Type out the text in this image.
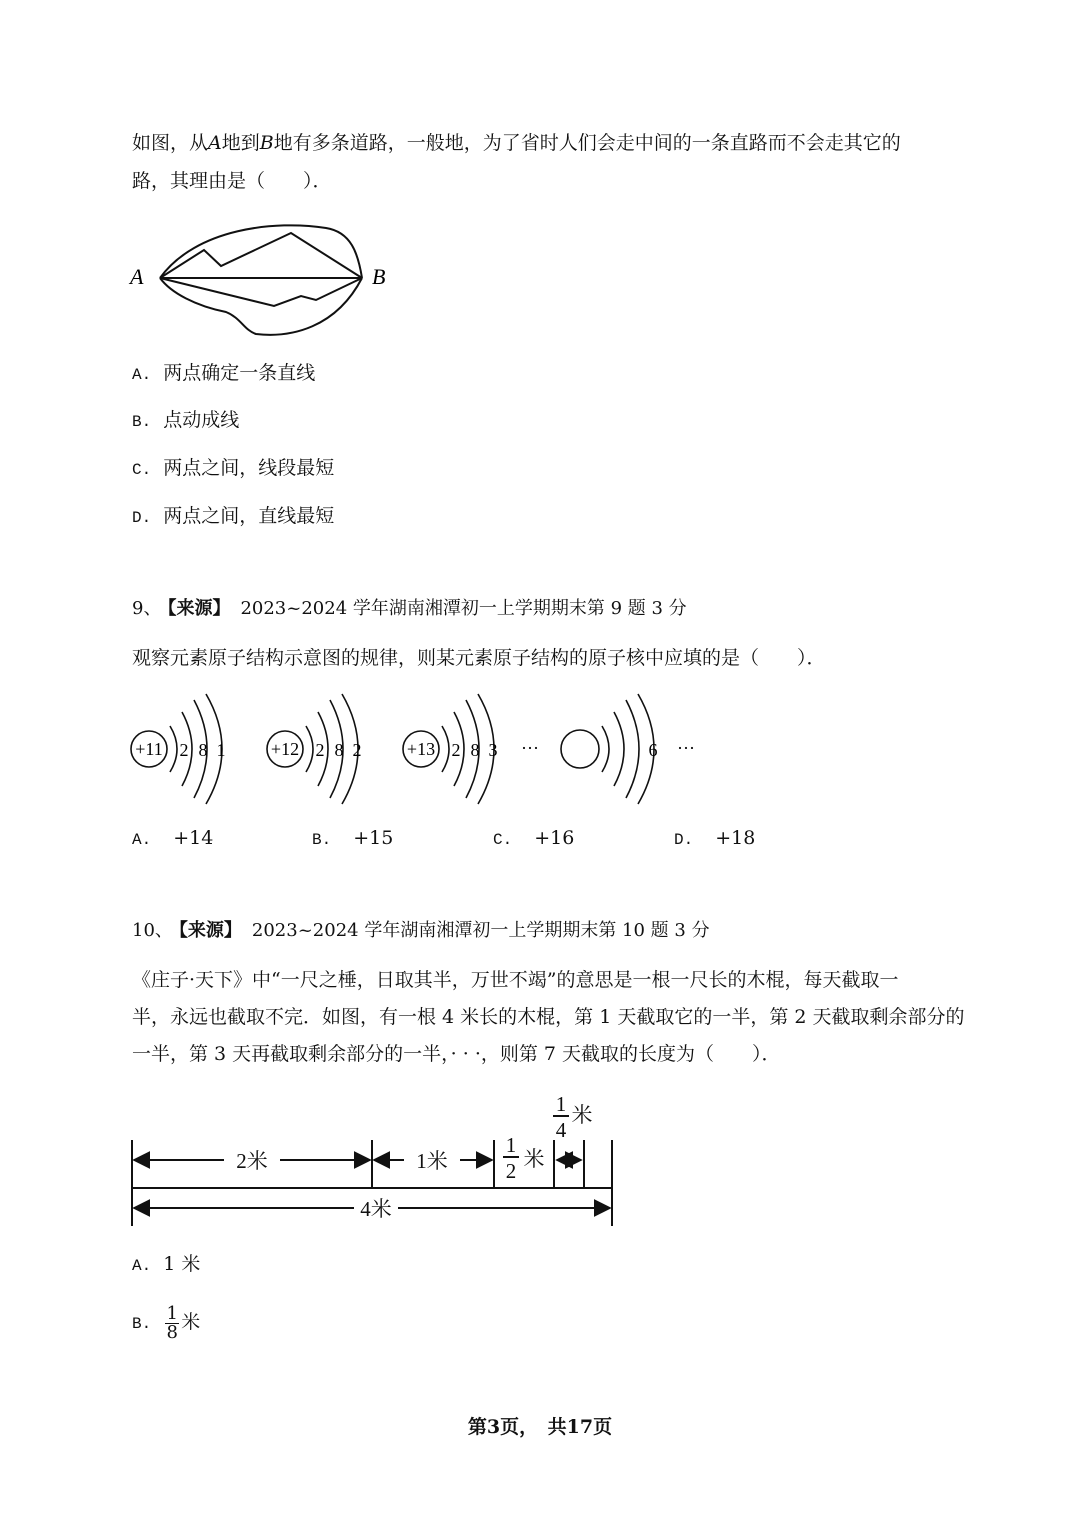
如图，从A地到B地有多条道路，一般地，为了省时人们会走中间的一条直路而不会走其它的
路，其理由是（　　）．
A	B
A. 两点确定一条直线
B. 点动成线
C. 两点之间，线段最短
D. 两点之间，直线最短
9、 【来源】 2023~2024 学年湖南湘潭初一上学期期末第 9 题 3 分
观察元素原子结构示意图的规律，则某元素原子结构的原子核中应填的是（　　）．
+11 2 8 1	+12 2 8 2	+13 2 8 3 ···	6 ···
A. +14	B. +15	C. +16	D. +18
10、 【来源】 2023~2024 学年湖南湘潭初一上学期期末第 10 题 3 分
《庄子·天下》中“一尺之棰，日取其半，万世不竭”的意思是一根一尺长的木棍，每天截取一
半，永远也截取不完．如图，有一根 4 米长的木棍，第 1 天截取它的一半，第 2 天截取剩余部分的
一半，第 3 天再截取剩余部分的一半，· · ·，则第 7 天截取的长度为（　　）．
2米	1米
1
2 米
1
4
米
4米
A. 1 米
B. $\frac{1}{8}$ 米
第3页，　共17页
